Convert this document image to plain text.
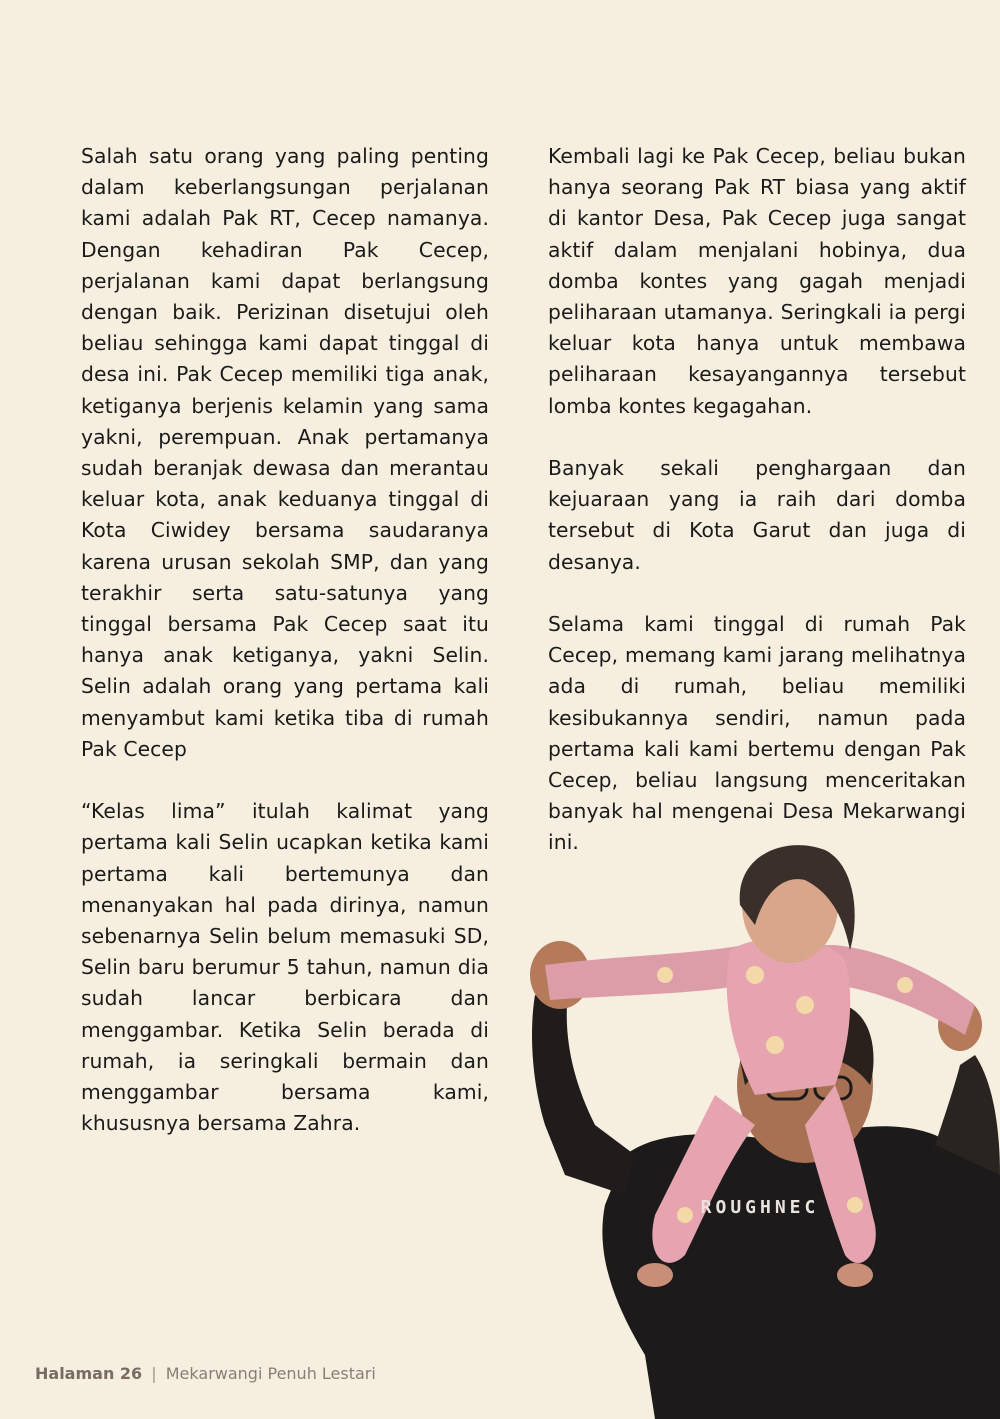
Salah satu orang yang paling penting dalam keberlangsungan perjalanan kami adalah Pak RT, Cecep namanya. Dengan kehadiran Pak Cecep, perjalanan kami dapat berlangsung dengan baik. Perizinan disetujui oleh beliau sehingga kami dapat tinggal di desa ini. Pak Cecep memiliki tiga anak, ketiganya berjenis kelamin yang sama yakni, perempuan. Anak pertamanya sudah beranjak dewasa dan merantau keluar kota, anak keduanya tinggal di Kota Ciwidey bersama saudaranya karena urusan sekolah SMP, dan yang terakhir serta satu-satunya yang tinggal bersama Pak Cecep saat itu hanya anak ketiganya, yakni Selin. Selin adalah orang yang pertama kali menyambut kami ketika tiba di rumah Pak Cecep

“Kelas lima” itulah kalimat yang pertama kali Selin ucapkan ketika kami pertama kali bertemunya dan menanyakan hal pada dirinya, namun sebenarnya Selin belum memasuki SD, Selin baru berumur 5 tahun, namun dia sudah lancar berbicara dan menggambar. Ketika Selin berada di rumah, ia seringkali bermain dan menggambar bersama kami, khususnya bersama Zahra.

Kembali lagi ke Pak Cecep, beliau bukan hanya seorang Pak RT biasa yang aktif di kantor Desa, Pak Cecep juga sangat aktif dalam menjalani hobinya, dua domba kontes yang gagah menjadi peliharaan utamanya. Seringkali ia pergi keluar kota hanya untuk membawa peliharaan kesayangannya tersebut lomba kontes kegagahan.

Banyak sekali penghargaan dan kejuaraan yang ia raih dari domba tersebut di Kota Garut dan juga di desanya.

Selama kami tinggal di rumah Pak Cecep, memang kami jarang melihatnya ada di rumah, beliau memiliki kesibukannya sendiri, namun pada pertama kali kami bertemu dengan Pak Cecep, beliau langsung menceritakan banyak hal mengenai Desa Mekarwangi ini.

ROUGHNEC
Halaman 26 | Mekarwangi Penuh Lestari
